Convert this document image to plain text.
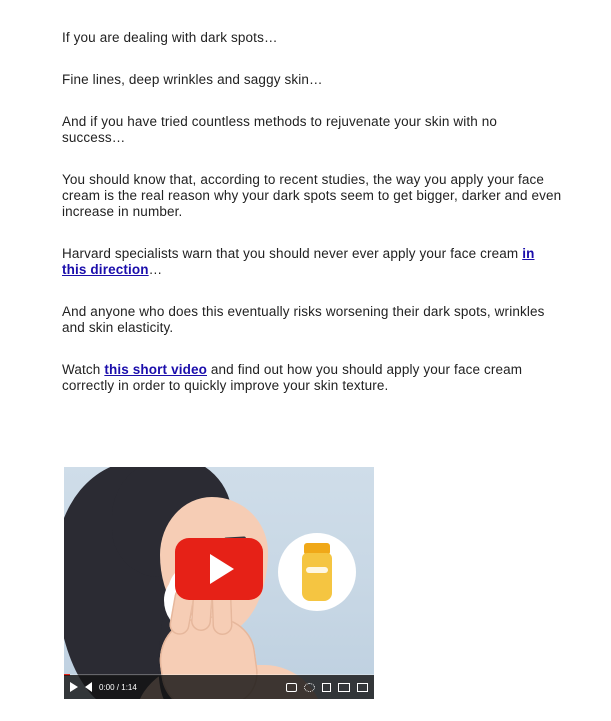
If you are dealing with dark spots…

Fine lines, deep wrinkles and saggy skin…

And if you have tried countless methods to rejuvenate your skin with no success…

You should know that, according to recent studies, the way you apply your face cream is the real reason why your dark spots seem to get bigger, darker and even increase in number.

Harvard specialists warn that you should never ever apply your face cream in this direction…

And anyone who does this eventually risks worsening their dark spots, wrinkles and skin elasticity.

Watch this short video and find out how you should apply your face cream correctly in order to quickly improve your skin texture.

0:00 / 1:14
